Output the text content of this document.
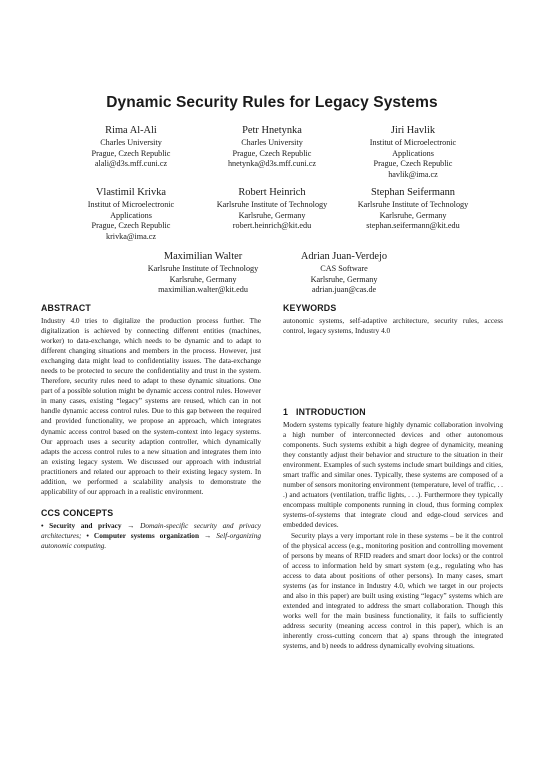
Dynamic Security Rules for Legacy Systems
Rima Al-Ali
Charles University
Prague, Czech Republic
alali@d3s.mff.cuni.cz
Petr Hnetynka
Charles University
Prague, Czech Republic
hnetynka@d3s.mff.cuni.cz
Jiri Havlik
Institut of Microelectronic
Applications
Prague, Czech Republic
havlik@ima.cz
Vlastimil Krivka
Institut of Microelectronic
Applications
Prague, Czech Republic
krivka@ima.cz
Robert Heinrich
Karlsruhe Institute of Technology
Karlsruhe, Germany
robert.heinrich@kit.edu
Stephan Seifermann
Karlsruhe Institute of Technology
Karlsruhe, Germany
stephan.seifermann@kit.edu
Maximilian Walter
Karlsruhe Institute of Technology
Karlsruhe, Germany
maximilian.walter@kit.edu
Adrian Juan-Verdejo
CAS Software
Karlsruhe, Germany
adrian.juan@cas.de
ABSTRACT

Industry 4.0 tries to digitalize the production process further. The digitalization is achieved by connecting different entities (machines, worker) to data-exchange, which needs to be dynamic and to adapt to different changing situations and members in the process. However, just exchanging data might lead to confidentiality issues. The data-exchange needs to be protected to secure the confidentiality and trust in the system. Therefore, security rules need to adapt to these dynamic situations. One part of a possible solution might be dynamic access control rules. However in many cases, existing “legacy” systems are reused, which can in not handle dynamic access control rules. Due to this gap between the required and provided functionality, we propose an approach, which integrates dynamic access control based on the system-context into legacy systems. Our approach uses a security adaption controller, which dynamically adapts the access control rules to a new situation and integrates them into an existing legacy system. We discussed our approach with industrial practitioners and related our approach to their existing legacy system. In addition, we performed a scalability analysis to demonstrate the applicability of our approach in a realistic environment.

CCS CONCEPTS
• Security and privacy → Domain-specific security and privacy architectures; • Computer systems organization → Self-organizing autonomic computing.
KEYWORDS

autonomic systems, self-adaptive architecture, security rules, access control, legacy systems, Industry 4.0

1   INTRODUCTION

Modern systems typically feature highly dynamic collaboration involving a high number of interconnected devices and other autonomous components. Such systems exhibit a high degree of dynamicity, meaning they constantly adjust their behavior and structure to the situation in their environment. Examples of such systems include smart buildings and cities, smart traffic and similar ones. Typically, these systems are composed of a number of sensors monitoring environment (temperature, level of traffic, . . .) and actuators (ventilation, traffic lights, . . .). Furthermore they typically encompass multiple components running in cloud, thus forming complex systems-of-systems that integrate cloud and edge-cloud services and embedded devices.

Security plays a very important role in these systems – be it the control of the physical access (e.g., monitoring position and controlling movement of persons by means of RFID readers and smart door locks) or the control of access to information held by smart system (e.g., regulating who has access to data about positions of other persons). In many cases, smart systems (as for instance in Industry 4.0, which we target in our projects and also in this paper) are built using existing “legacy” systems which are extended and integrated to address the smart collaboration. Though this works well for the main business functionality, it fails to sufficiently address security (meaning access control in this paper), which is an inherently cross-cutting concern that a) spans through the integrated systems, and b) needs to address dynamically evolving situations.
